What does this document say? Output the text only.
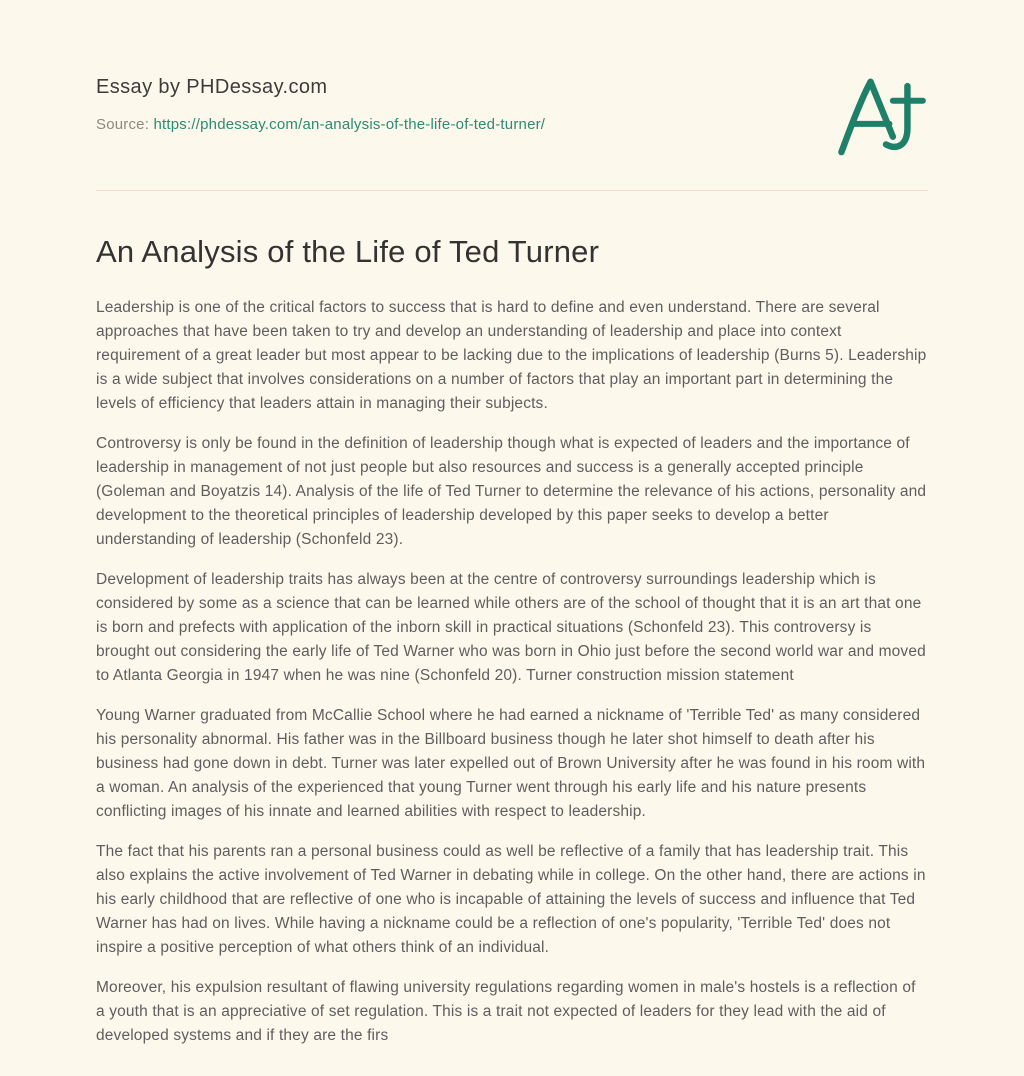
Essay by PHDessay.com
Source: https://phdessay.com/an-analysis-of-the-life-of-ted-turner/
An Analysis of the Life of Ted Turner

Leadership is one of the critical factors to success that is hard to define and even understand. There are several approaches that have been taken to try and develop an understanding of leadership and place into context requirement of a great leader but most appear to be lacking due to the implications of leadership (Burns 5). Leadership is a wide subject that involves considerations on a number of factors that play an important part in determining the levels of efficiency that leaders attain in managing their subjects.

Controversy is only be found in the definition of leadership though what is expected of leaders and the importance of leadership in management of not just people but also resources and success is a generally accepted principle (Goleman and Boyatzis 14). Analysis of the life of Ted Turner to determine the relevance of his actions, personality and development to the theoretical principles of leadership developed by this paper seeks to develop a better understanding of leadership (Schonfeld 23).

Development of leadership traits has always been at the centre of controversy surroundings leadership which is considered by some as a science that can be learned while others are of the school of thought that it is an art that one is born and prefects with application of the inborn skill in practical situations (Schonfeld 23). This controversy is brought out considering the early life of Ted Warner who was born in Ohio just before the second world war and moved to Atlanta Georgia in 1947 when he was nine (Schonfeld 20). Turner construction mission statement

Young Warner graduated from McCallie School where he had earned a nickname of 'Terrible Ted' as many considered his personality abnormal. His father was in the Billboard business though he later shot himself to death after his business had gone down in debt. Turner was later expelled out of Brown University after he was found in his room with a woman. An analysis of the experienced that young Turner went through his early life and his nature presents conflicting images of his innate and learned abilities with respect to leadership.

The fact that his parents ran a personal business could as well be reflective of a family that has leadership trait. This also explains the active involvement of Ted Warner in debating while in college. On the other hand, there are actions in his early childhood that are reflective of one who is incapable of attaining the levels of success and influence that Ted Warner has had on lives. While having a nickname could be a reflection of one's popularity, 'Terrible Ted' does not inspire a positive perception of what others think of an individual.

Moreover, his expulsion resultant of flawing university regulations regarding women in male's hostels is a reflection of a youth that is an appreciative of set regulation. This is a trait not expected of leaders for they lead with the aid of developed systems and if they are the firs
